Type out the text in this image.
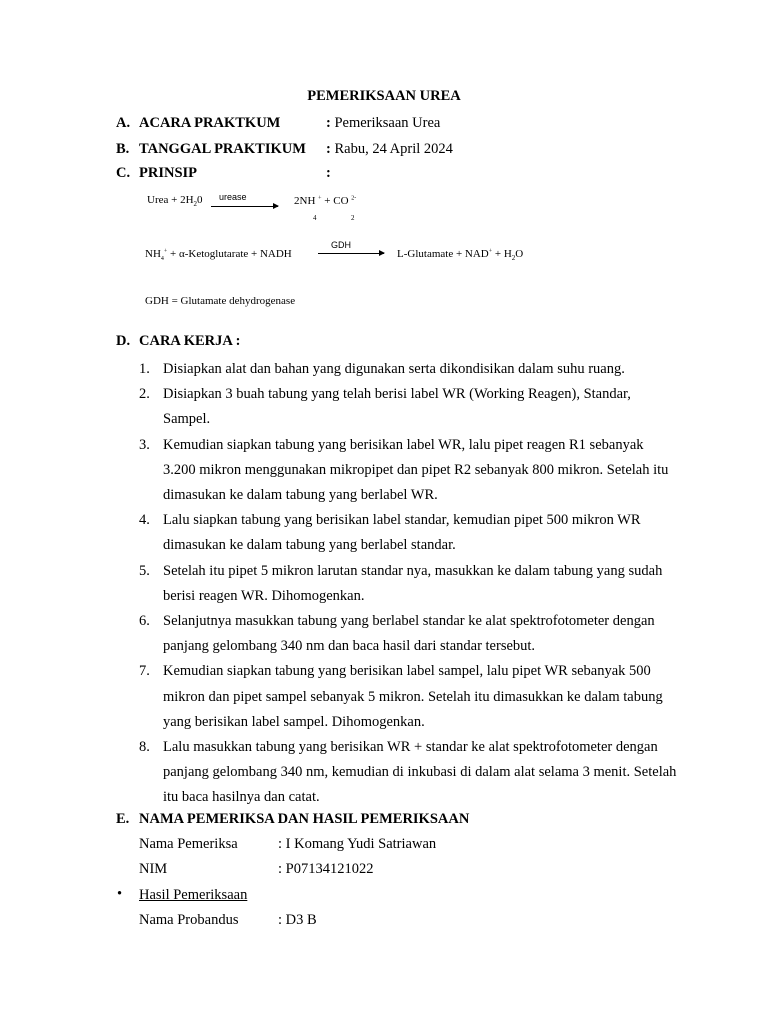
PEMERIKSAAN UREA
A. ACARA PRAKTKUM	: Pemeriksaan Urea
B. TANGGAL PRAKTIKUM : Rabu, 24 April 2024
C. PRINSIP	:
Urea + $2H_20$ urease	2NH + + CO $^{2-}$
4	2
$NH_4^+$ + α-Ketoglutarate + NADH
GDH
L-Glutamate + $NAD^+ + H_2O$
GDH = Glutamate dehydrogenase
D. CARA KERJA :
1. Disiapkan alat dan bahan yang digunakan serta dikondisikan dalam suhu ruang.
2. Disiapkan 3 buah tabung yang telah berisi label WR (Working Reagen), Standar, Sampel.
3. Kemudian siapkan tabung yang berisikan label WR, lalu pipet reagen R1 sebanyak 3.200 mikron menggunakan mikropipet dan pipet R2 sebanyak 800 mikron. Setelah itu dimasukan ke dalam tabung yang berlabel WR.
4. Lalu siapkan tabung yang berisikan label standar, kemudian pipet 500 mikron WR dimasukan ke dalam tabung yang berlabel standar.
5. Setelah itu pipet 5 mikron larutan standar nya, masukkan ke dalam tabung yang sudah berisi reagen WR. Dihomogenkan.
6. Selanjutnya masukkan tabung yang berlabel standar ke alat spektrofotometer dengan panjang gelombang 340 nm dan baca hasil dari standar tersebut.
7. Kemudian siapkan tabung yang berisikan label sampel, lalu pipet WR sebanyak 500 mikron dan pipet sampel sebanyak 5 mikron. Setelah itu dimasukkan ke dalam tabung yang berisikan label sampel. Dihomogenkan.
8. Lalu masukkan tabung yang berisikan WR + standar ke alat spektrofotometer dengan panjang gelombang 340 nm, kemudian di inkubasi di dalam alat selama 3 menit. Setelah itu baca hasilnya dan catat.
E. NAMA PEMERIKSA DAN HASIL PEMERIKSAAN
Nama Pemeriksa	: I Komang Yudi Satriawan
NIM	: P07134121022
• Hasil Pemeriksaan
Nama Probandus	: D3 B
